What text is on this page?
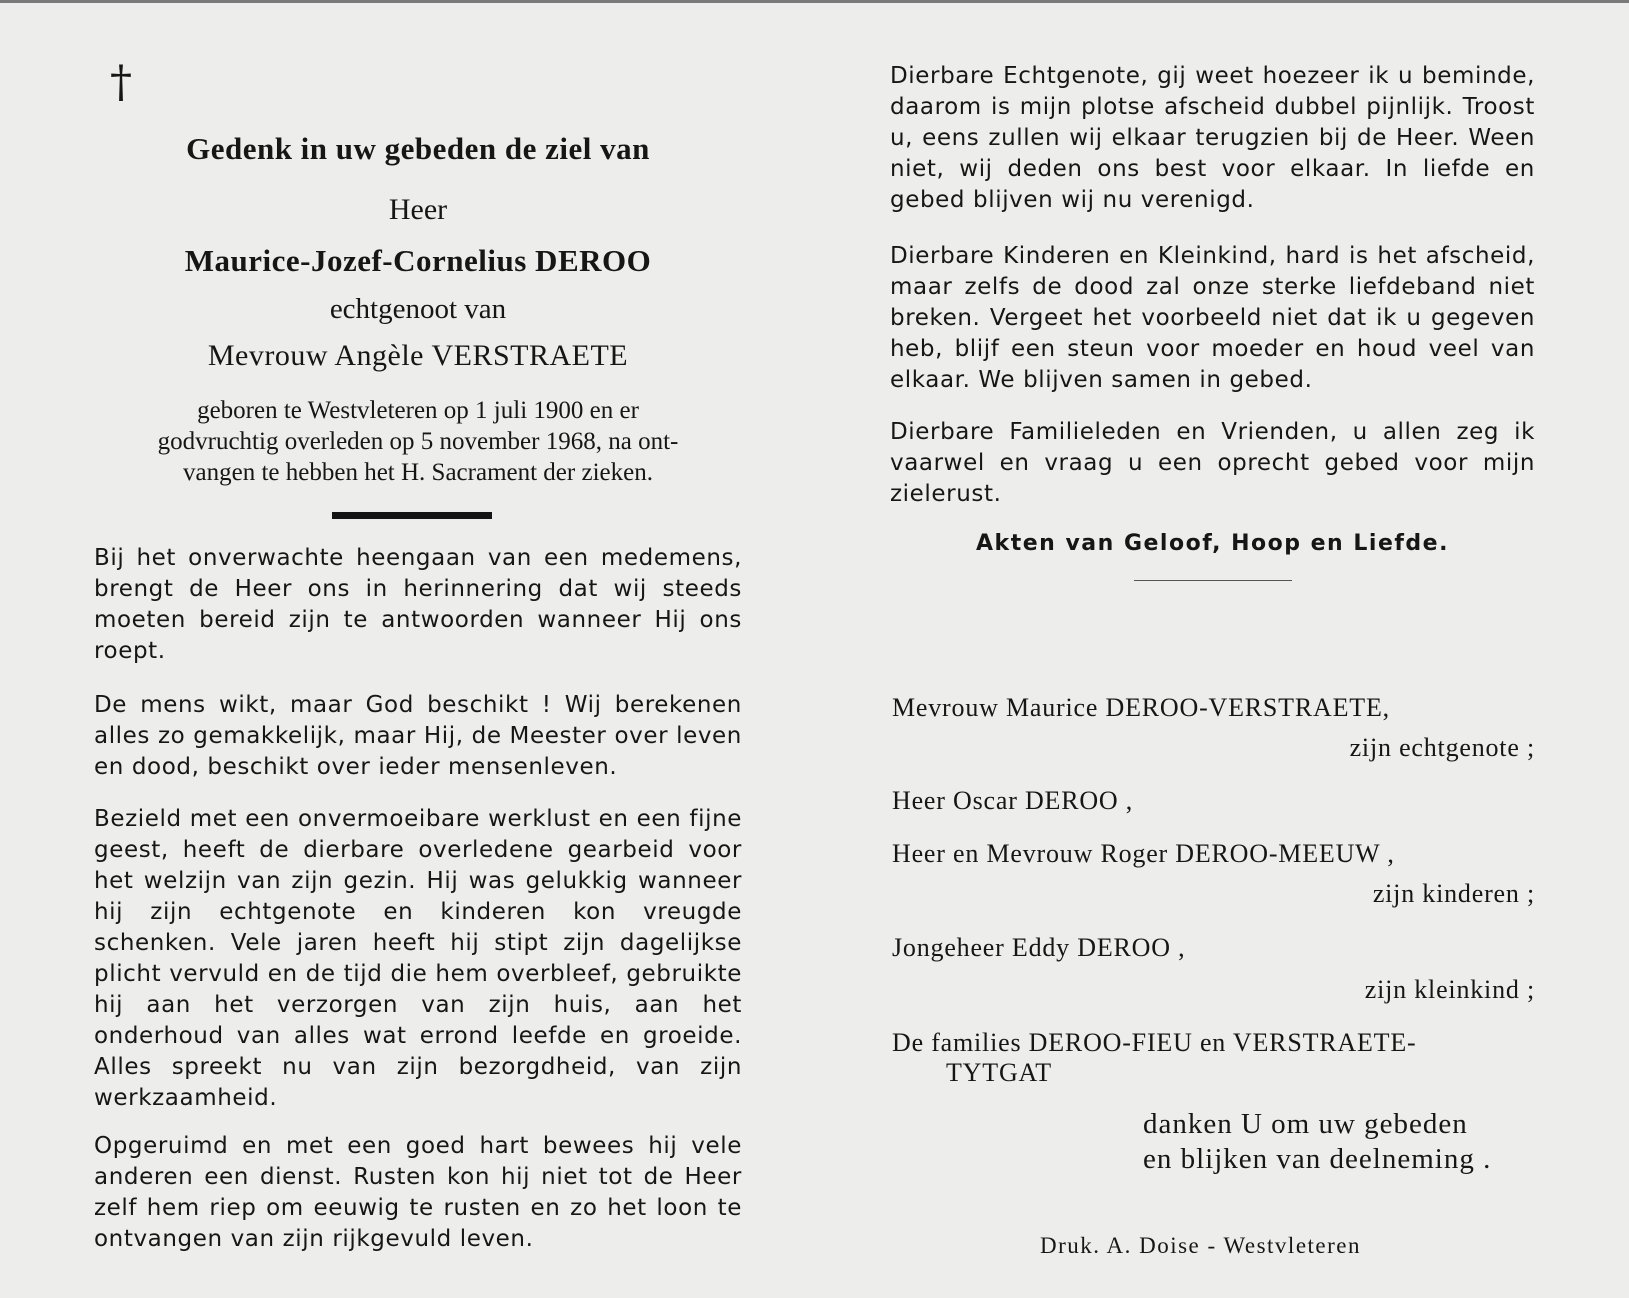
†
Gedenk in uw gebeden de ziel van
Heer
Maurice-Jozef-Cornelius DEROO
echtgenoot van
Mevrouw Angèle VERSTRAETE
geboren te Westvleteren op 1 juli 1900 en er
godvruchtig overleden op 5 november 1968, na ont-
vangen te hebben het H. Sacrament der zieken.

Bij het onverwachte heengaan van een medemens, brengt de Heer ons in herinnering dat wij steeds moeten bereid zijn te antwoorden wanneer Hij ons roept.

De mens wikt, maar God beschikt ! Wij berekenen alles zo gemakkelijk, maar Hij, de Meester over leven en dood, beschikt over ieder mensenleven.

Bezield met een onvermoeibare werklust en een fijne geest, heeft de dierbare overledene gearbeid voor het welzijn van zijn gezin. Hij was gelukkig wanneer hij zijn echtgenote en kinderen kon vreugde schenken. Vele jaren heeft hij stipt zijn dagelijkse plicht vervuld en de tijd die hem overbleef, gebruikte hij aan het verzorgen van zijn huis, aan het onderhoud van alles wat errond leefde en groeide. Alles spreekt nu van zijn bezorgdheid, van zijn werkzaamheid.

Opgeruimd en met een goed hart bewees hij vele anderen een dienst. Rusten kon hij niet tot de Heer zelf hem riep om eeuwig te rusten en zo het loon te ontvangen van zijn rijkgevuld leven.

Dierbare Echtgenote, gij weet hoezeer ik u beminde, daarom is mijn plotse afscheid dubbel pijnlijk. Troost u, eens zullen wij elkaar terugzien bij de Heer. Ween niet, wij deden ons best voor elkaar. In liefde en gebed blijven wij nu verenigd.

Dierbare Kinderen en Kleinkind, hard is het afscheid, maar zelfs de dood zal onze sterke liefdeband niet breken. Vergeet het voorbeeld niet dat ik u gegeven heb, blijf een steun voor moeder en houd veel van elkaar. We blijven samen in gebed.

Dierbare Familieleden en Vrienden, u allen zeg ik vaarwel en vraag u een oprecht gebed voor mijn zielerust.

Akten van Geloof, Hoop en Liefde.
Mevrouw Maurice DEROO-VERSTRAETE,
zijn echtgenote ;
Heer Oscar DEROO ,
Heer en Mevrouw Roger DEROO-MEEUW ,
zijn kinderen ;
Jongeheer Eddy DEROO ,
zijn kleinkind ;
De families DEROO-FIEU en VERSTRAETE-
TYTGAT
danken U om uw gebeden
en blijken van deelneming .
Druk. A. Doise - Westvleteren
